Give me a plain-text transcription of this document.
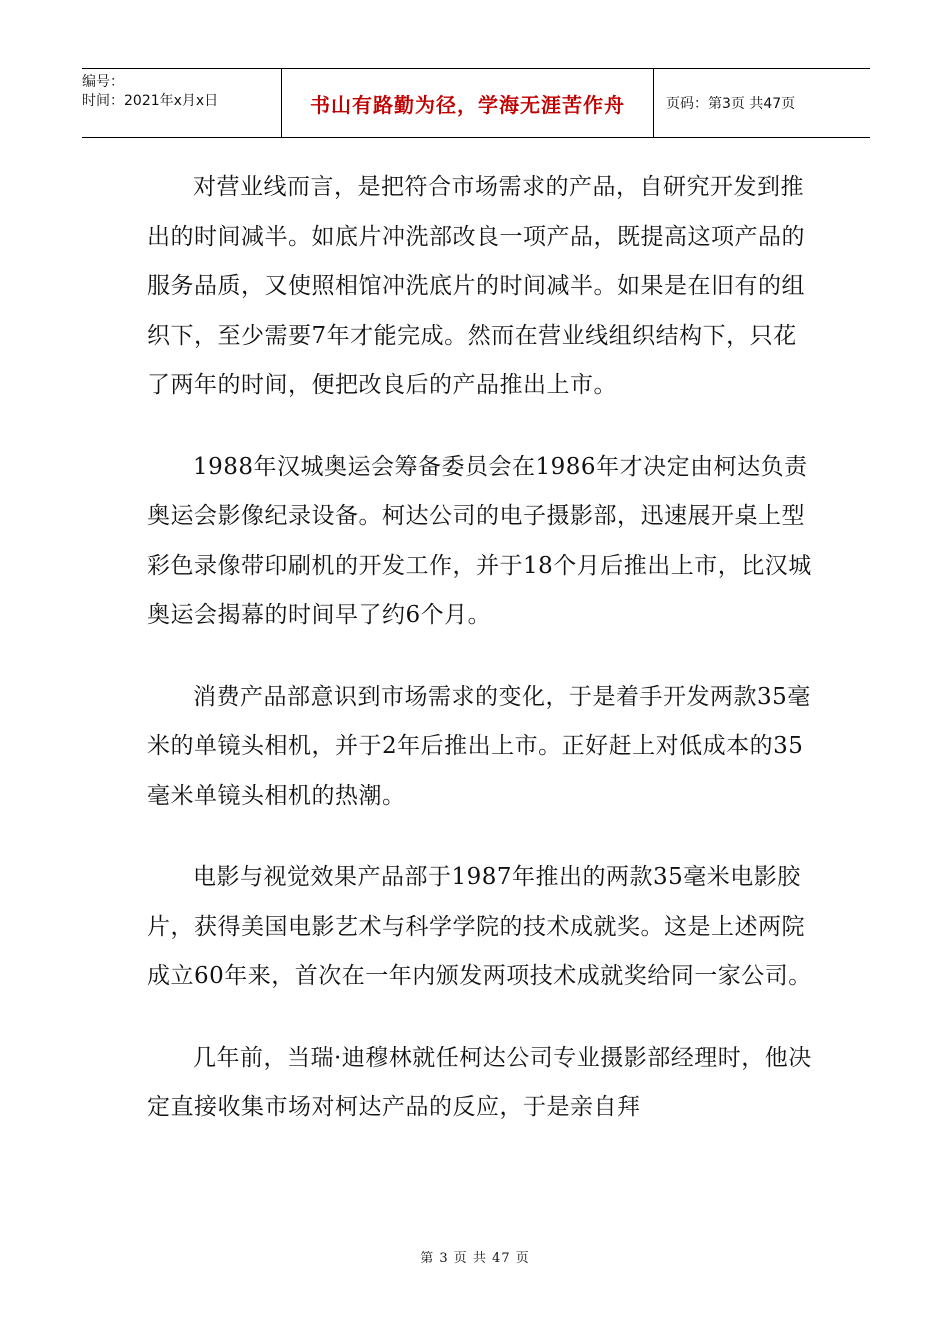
编号：
时间：2021年x月x日	书山有路勤为径，学海无涯苦作舟	页码：第3页 共47页

对营业线而言，是把符合市场需求的产品，自研究开发到推出的时间减半。如底片冲洗部改良一项产品，既提高这项产品的服务品质，又使照相馆冲洗底片的时间减半。如果是在旧有的组织下，至少需要7年才能完成。然而在营业线组织结构下，只花了两年的时间，便把改良后的产品推出上市。

1988年汉城奥运会筹备委员会在1986年才决定由柯达负责奥运会影像纪录设备。柯达公司的电子摄影部，迅速展开桌上型彩色录像带印刷机的开发工作，并于18个月后推出上市，比汉城奥运会揭幕的时间早了约6个月。

消费产品部意识到市场需求的变化，于是着手开发两款35毫米的单镜头相机，并于2年后推出上市。正好赶上对低成本的35毫米单镜头相机的热潮。

电影与视觉效果产品部于1987年推出的两款35毫米电影胶片，获得美国电影艺术与科学学院的技术成就奖。这是上述两院成立60年来，首次在一年内颁发两项技术成就奖给同一家公司。

几年前，当瑞·迪穆林就任柯达公司专业摄影部经理时，他决定直接收集市场对柯达产品的反应，于是亲自拜

第 3 页 共 47 页
